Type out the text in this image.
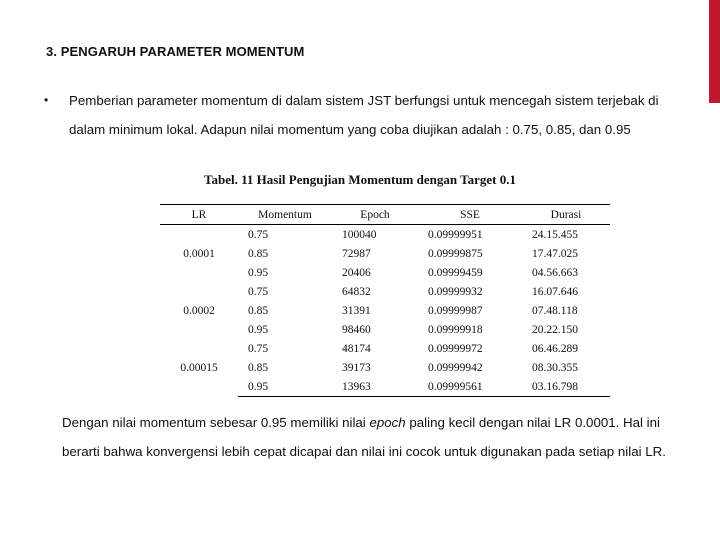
3. PENGARUH PARAMETER MOMENTUM
• Pemberian parameter momentum di dalam sistem JST berfungsi untuk mencegah sistem terjebak di dalam minimum lokal. Adapun nilai momentum yang coba diujikan adalah : 0.75, 0.85, dan 0.95
Tabel. 11 Hasil Pengujian Momentum dengan Target 0.1
LR	Momentum	Epoch	SSE	Durasi
0.0001	0.75	100040	0.09999951	24.15.455
	0.85	72987	0.09999875	17.47.025
	0.95	20406	0.09999459	04.56.663
0.0002	0.75	64832	0.09999932	16.07.646
	0.85	31391	0.09999987	07.48.118
	0.95	98460	0.09999918	20.22.150
0.00015	0.75	48174	0.09999972	06.46.289
	0.85	39173	0.09999942	08.30.355
	0.95	13963	0.09999561	03.16.798
Dengan nilai momentum sebesar 0.95 memiliki nilai epoch paling kecil dengan nilai LR 0.0001. Hal ini berarti bahwa konvergensi lebih cepat dicapai dan nilai ini cocok untuk digunakan pada setiap nilai LR.
